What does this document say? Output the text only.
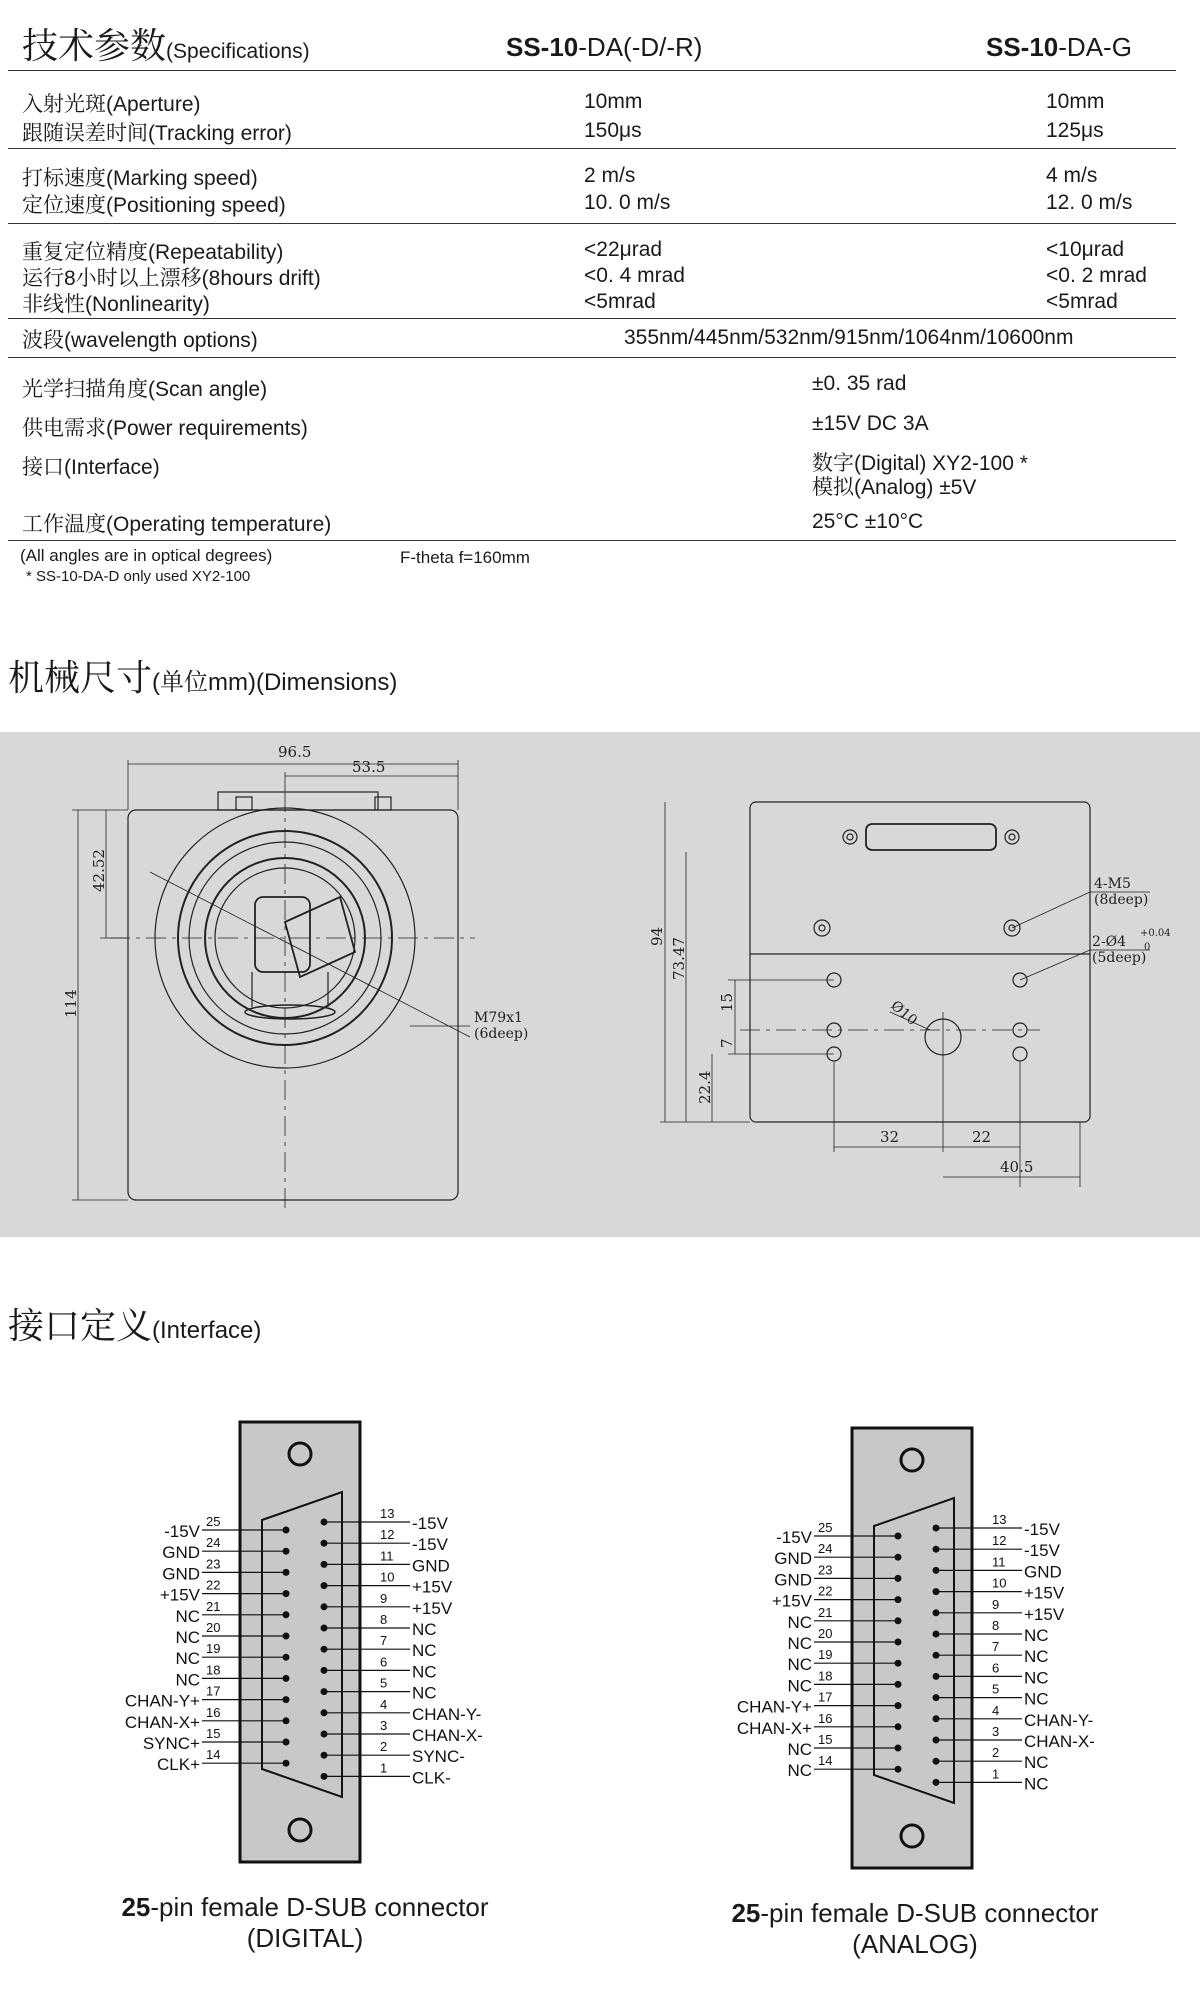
技术参数(Specifications)	SS-10-DA(-D/-R)	SS-10-DA-G
入射光斑(Aperture)	10mm	10mm
跟随误差时间(Tracking error)	150μs	125μs
打标速度(Marking speed)	2 m/s	4 m/s
定位速度(Positioning speed)	10. 0 m/s	12. 0 m/s
重复定位精度(Repeatability)	<22μrad	<10μrad
运行8小时以上漂移(8hours drift)	<0. 4 mrad	<0. 2 mrad
非线性(Nonlinearity)	<5mrad	<5mrad
波段(wavelength options)	355nm/445nm/532nm/915nm/1064nm/10600nm
光学扫描角度(Scan angle)	±0. 35 rad
供电需求(Power requirements)	±15V DC 3A
接口(Interface)	数字(Digital) XY2-100 *
模拟(Analog) ±5V
工作温度(Operating temperature)	25°C ±10°C
(All angles are in optical degrees)	F-theta f=160mm
* SS-10-DA-D only used XY2-100
机械尺寸(单位mm)(Dimensions)
96.5
53.5
42.52
114	M79x1
(6deep)
94
73.47
15
7
22.4
Ø10
4-M5
(8deep)
2-Ø4
+0.04
0
(5deep)
32	22
40.5
接口定义(Interface)
13
-15V
12
-15V
11
GND
10
+15V
9
+15V
8
NC
7
NC
6
NC
5
NC
4
CHAN-Y-
3
CHAN-X-
2
SYNC-
1
CLK-
25
-15V
24
GND
23
GND
22
+15V
21
NC
20
NC
19
NC
18
NC
17
CHAN-Y+
16
CHAN-X+
15
SYNC+
14
CLK+
13
-15V
12
-15V
11
GND
10
+15V
9
+15V
8
NC
7
NC
6
NC
5
NC
4
CHAN-Y-
3
CHAN-X-
2
NC
1
NC
25
-15V
24
GND
23
GND
22
+15V
21
NC
20
NC
19
NC
18
NC
17
CHAN-Y+
16
CHAN-X+
15
NC
14
NC
25-pin female D-SUB connector
(DIGITAL)
25-pin female D-SUB connector
(ANALOG)
